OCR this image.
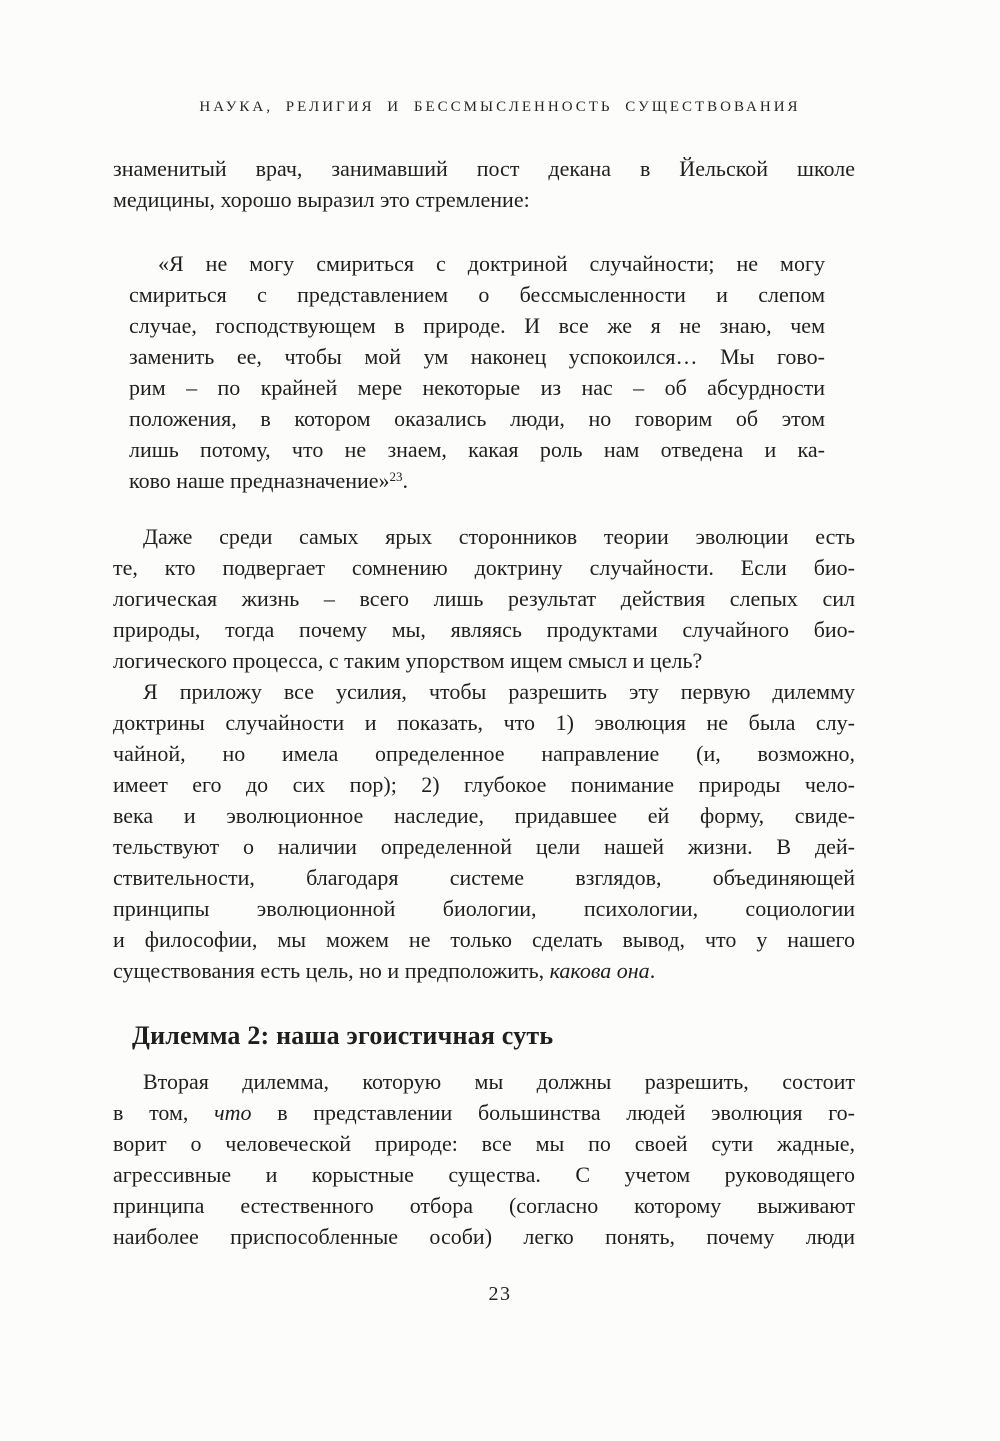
НАУКА, РЕЛИГИЯ И БЕССМЫСЛЕННОСТЬ СУЩЕСТВОВАНИЯ
знаменитый врач, занимавший пост декана в Йельской школе
медицины, хорошо выразил это стремление:
«Я не могу смириться с доктриной случайности; не могу
смириться с представлением о бессмысленности и слепом
случае, господствующем в природе. И все же я не знаю, чем
заменить ее, чтобы мой ум наконец успокоился… Мы гово-
рим – по крайней мере некоторые из нас – об абсурдности
положения, в котором оказались люди, но говорим об этом
лишь потому, что не знаем, какая роль нам отведена и ка-
ково наше предназначение»$^{23}$.
Даже среди самых ярых сторонников теории эволюции есть
те, кто подвергает сомнению доктрину случайности. Если био-
логическая жизнь – всего лишь результат действия слепых сил
природы, тогда почему мы, являясь продуктами случайного био-
логического процесса, с таким упорством ищем смысл и цель?
Я приложу все усилия, чтобы разрешить эту первую дилемму
доктрины случайности и показать, что 1) эволюция не была слу-
чайной, но имела определенное направление (и, возможно,
имеет его до сих пор); 2) глубокое понимание природы чело-
века и эволюционное наследие, придавшее ей форму, свиде-
тельствуют о наличии определенной цели нашей жизни. В дей-
ствительности, благодаря системе взглядов, объединяющей
принципы эволюционной биологии, психологии, социологии
и философии, мы можем не только сделать вывод, что у нашего
существования есть цель, но и предположить, какова она.
Дилемма 2: наша эгоистичная суть
Вторая дилемма, которую мы должны разрешить, состоит
в том, что в представлении большинства людей эволюция го-
ворит о человеческой природе: все мы по своей сути жадные,
агрессивные и корыстные существа. С учетом руководящего
принципа естественного отбора (согласно которому выживают
наиболее приспособленные особи) легко понять, почему люди
23
